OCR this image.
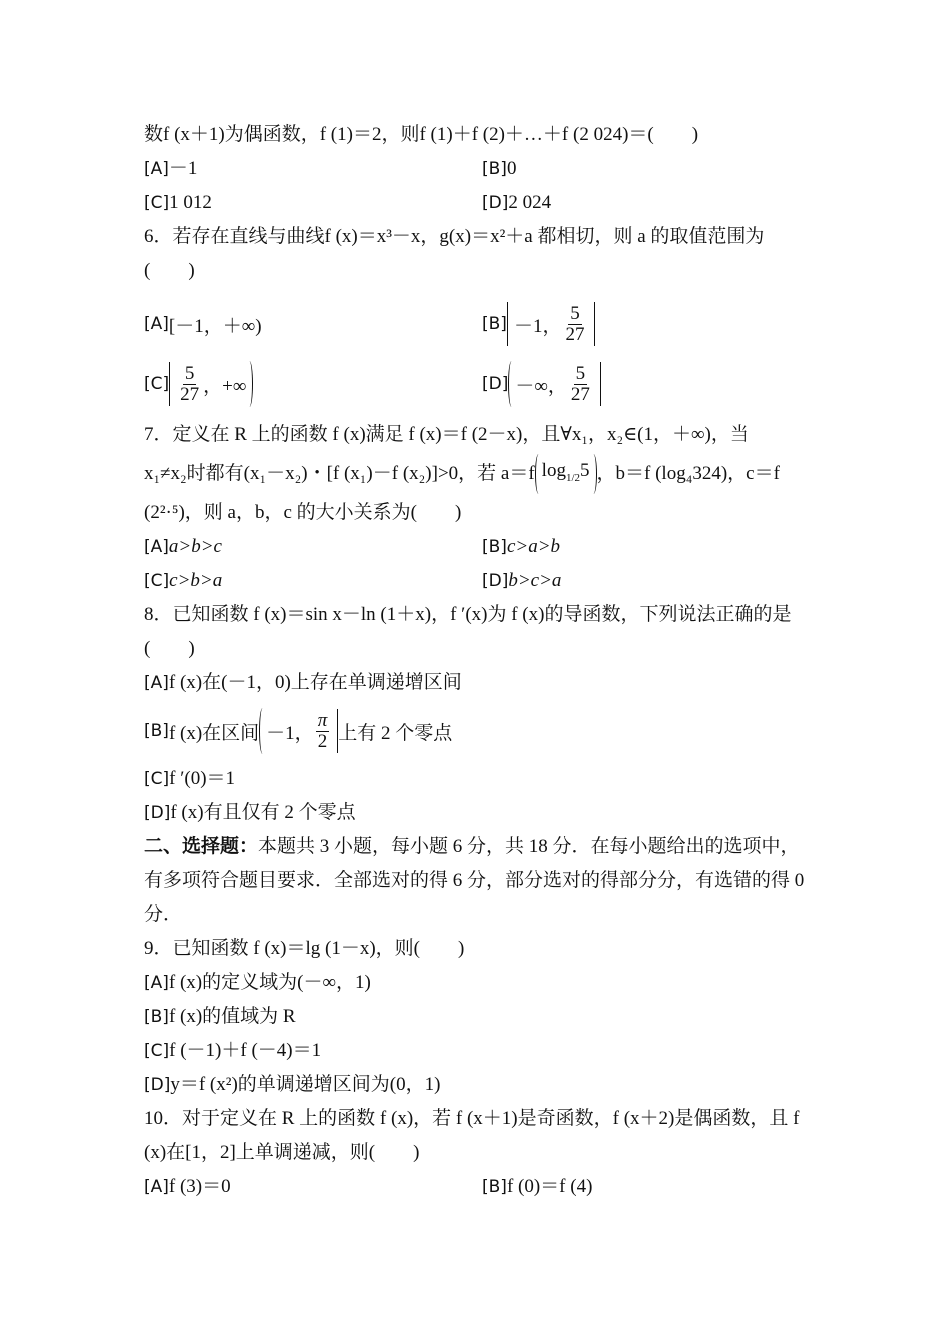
数f (x＋1)为偶函数，f (1)＝2，则f (1)＋f (2)＋…＋f (2 024)＝(　　)
[A] －1	[B] 0
[C] 1 012	[D] 2 024
6．若存在直线与曲线f (x)＝x³－x，g(x)＝x²＋a 都相切，则 a 的取值范围为(　　)
[A] [－1，＋∞)	[B] －1， $\frac{5}{27}$
$[C] \frac{5}{27}$ ，+∞	[D] －∞， $\frac{5}{27}$
7．定义在 R 上的函数 f (x)满足 f (x)＝f (2－x)，且∀x₁，x₂∈(1，＋∞)，当
x₁≠x₂时都有(x₁－x₂)・[f (x₁)－f (x₂)]>0，若 a＝f $\log_{1/2}5$ ，b＝f (log₄324)，c＝f
(2²·⁵)，则 a，b，c 的大小关系为(　　)
[A] a>b>c	[B] c>a>b
[C] c>b>a	[D] b>c>a
8．已知函数 f (x)＝sin x－ln (1＋x)，f ′(x)为 f (x)的导函数，下列说法正确的是(　　)
[A]f (x)在(－1，0)上存在单调递增区间
[B] f (x)在区间 －1， $\frac{\pi}{2}$ 上有 2 个零点
[C]f ′(0)＝1
[D]f (x)有且仅有 2 个零点
二、选择题：本题共 3 小题，每小题 6 分，共 18 分．在每小题给出的选项中，有多项符合题目要求．全部选对的得 6 分，部分选对的得部分分，有选错的得 0 分．
9．已知函数 f (x)＝lg (1－x)，则(　　)
[A]f (x)的定义域为(－∞，1)
[B]f (x)的值域为 R
[C]f (－1)＋f (－4)＝1
[D]y＝f (x²)的单调递增区间为(0，1)
10．对于定义在 R 上的函数 f (x)，若 f (x＋1)是奇函数，f (x＋2)是偶函数，且 f (x)在[1，2]上单调递减，则(　　)
[A] f (3)＝0	[B] f (0)＝f (4)
